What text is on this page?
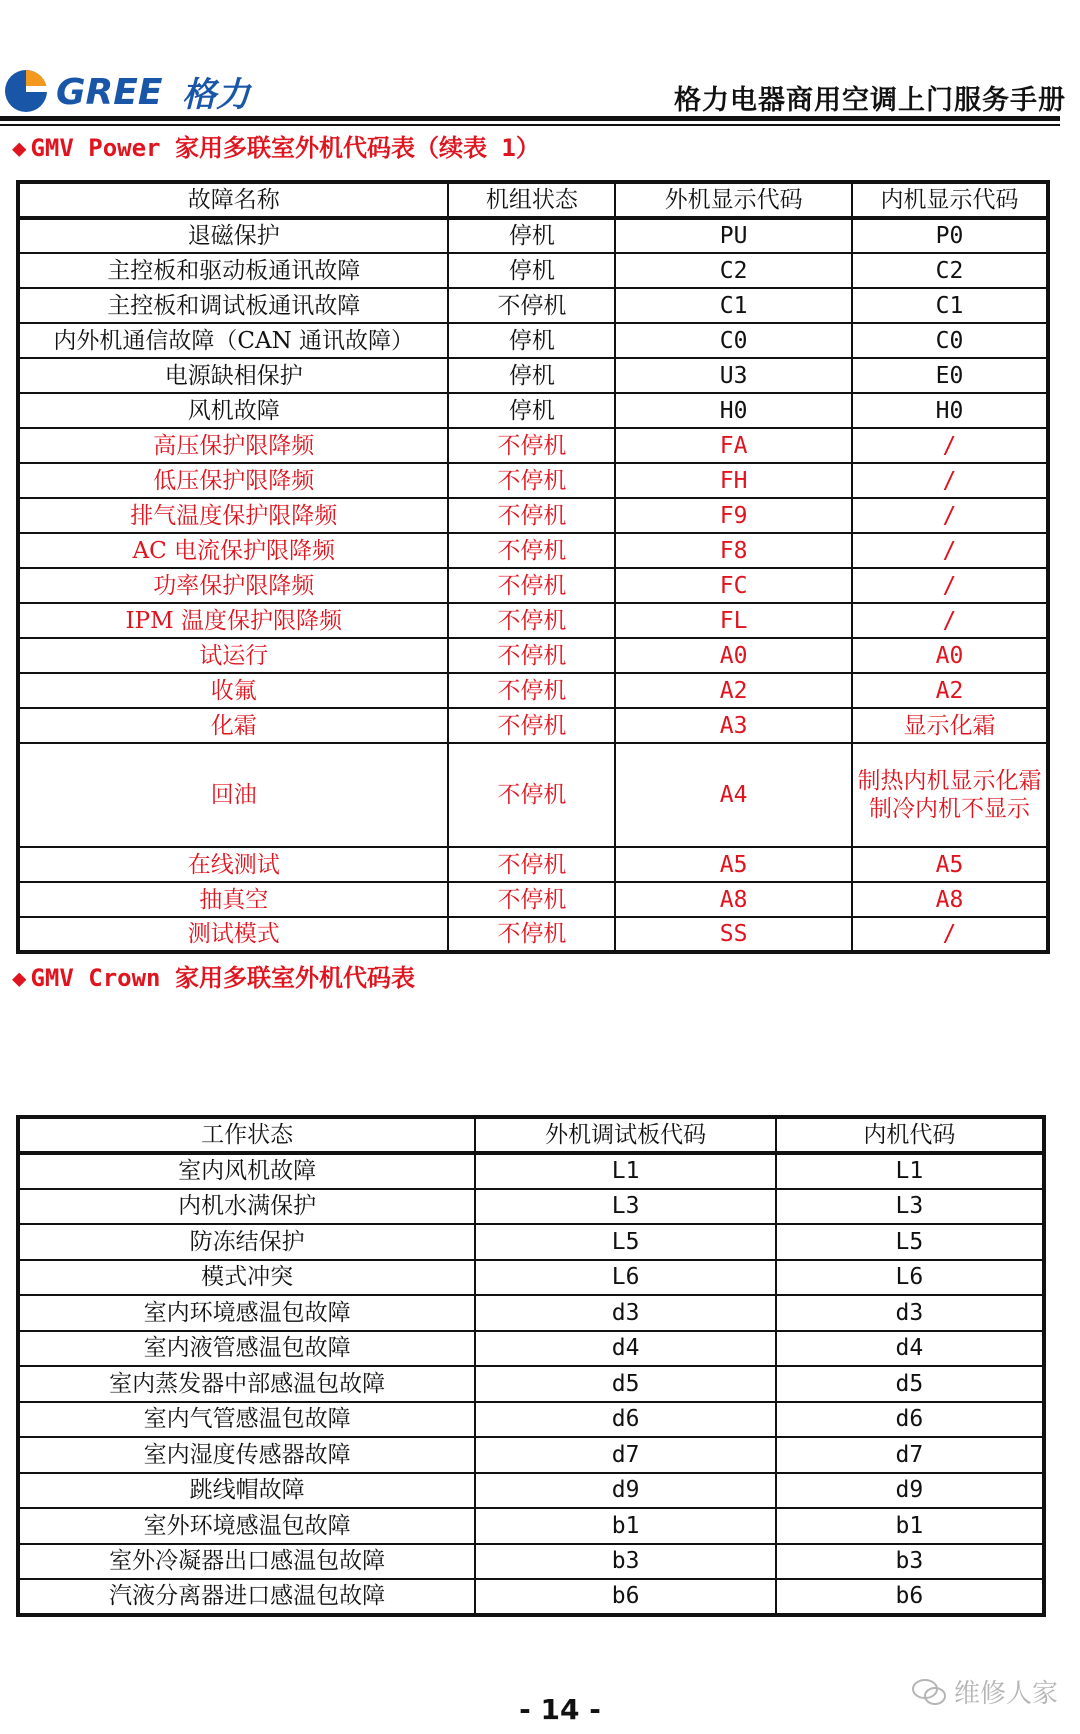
GREE 格力	格力电器商用空调上门服务手册
◆ GMV Power 家用多联室外机代码表（续表 1）
故障名称	机组状态	外机显示代码	内机显示代码
退磁保护	停机	PU	P0
主控板和驱动板通讯故障	停机	C2	C2
主控板和调试板通讯故障	不停机	C1	C1
内外机通信故障（CAN 通讯故障）	停机	C0	C0
电源缺相保护	停机	U3	E0
风机故障	停机	H0	H0
高压保护限降频	不停机	FA	/
低压保护限降频	不停机	FH	/
排气温度保护限降频	不停机	F9	/
AC 电流保护限降频	不停机	F8	/
功率保护限降频	不停机	FC	/
IPM 温度保护限降频	不停机	FL	/
试运行	不停机	A0	A0
收氟	不停机	A2	A2
化霜	不停机	A3	显示化霜
回油	不停机	A4	制热内机显示化霜 制冷内机不显示
在线测试	不停机	A5	A5
抽真空	不停机	A8	A8
测试模式	不停机	SS	/
◆ GMV Crown 家用多联室外机代码表
工作状态	外机调试板代码	内机代码
室内风机故障	L1	L1
内机水满保护	L3	L3
防冻结保护	L5	L5
模式冲突	L6	L6
室内环境感温包故障	d3	d3
室内液管感温包故障	d4	d4
室内蒸发器中部感温包故障	d5	d5
室内气管感温包故障	d6	d6
室内湿度传感器故障	d7	d7
跳线帽故障	d9	d9
室外环境感温包故障	b1	b1
室外冷凝器出口感温包故障	b3	b3
汽液分离器进口感温包故障	b6	b6
- 14 -	维修人家
